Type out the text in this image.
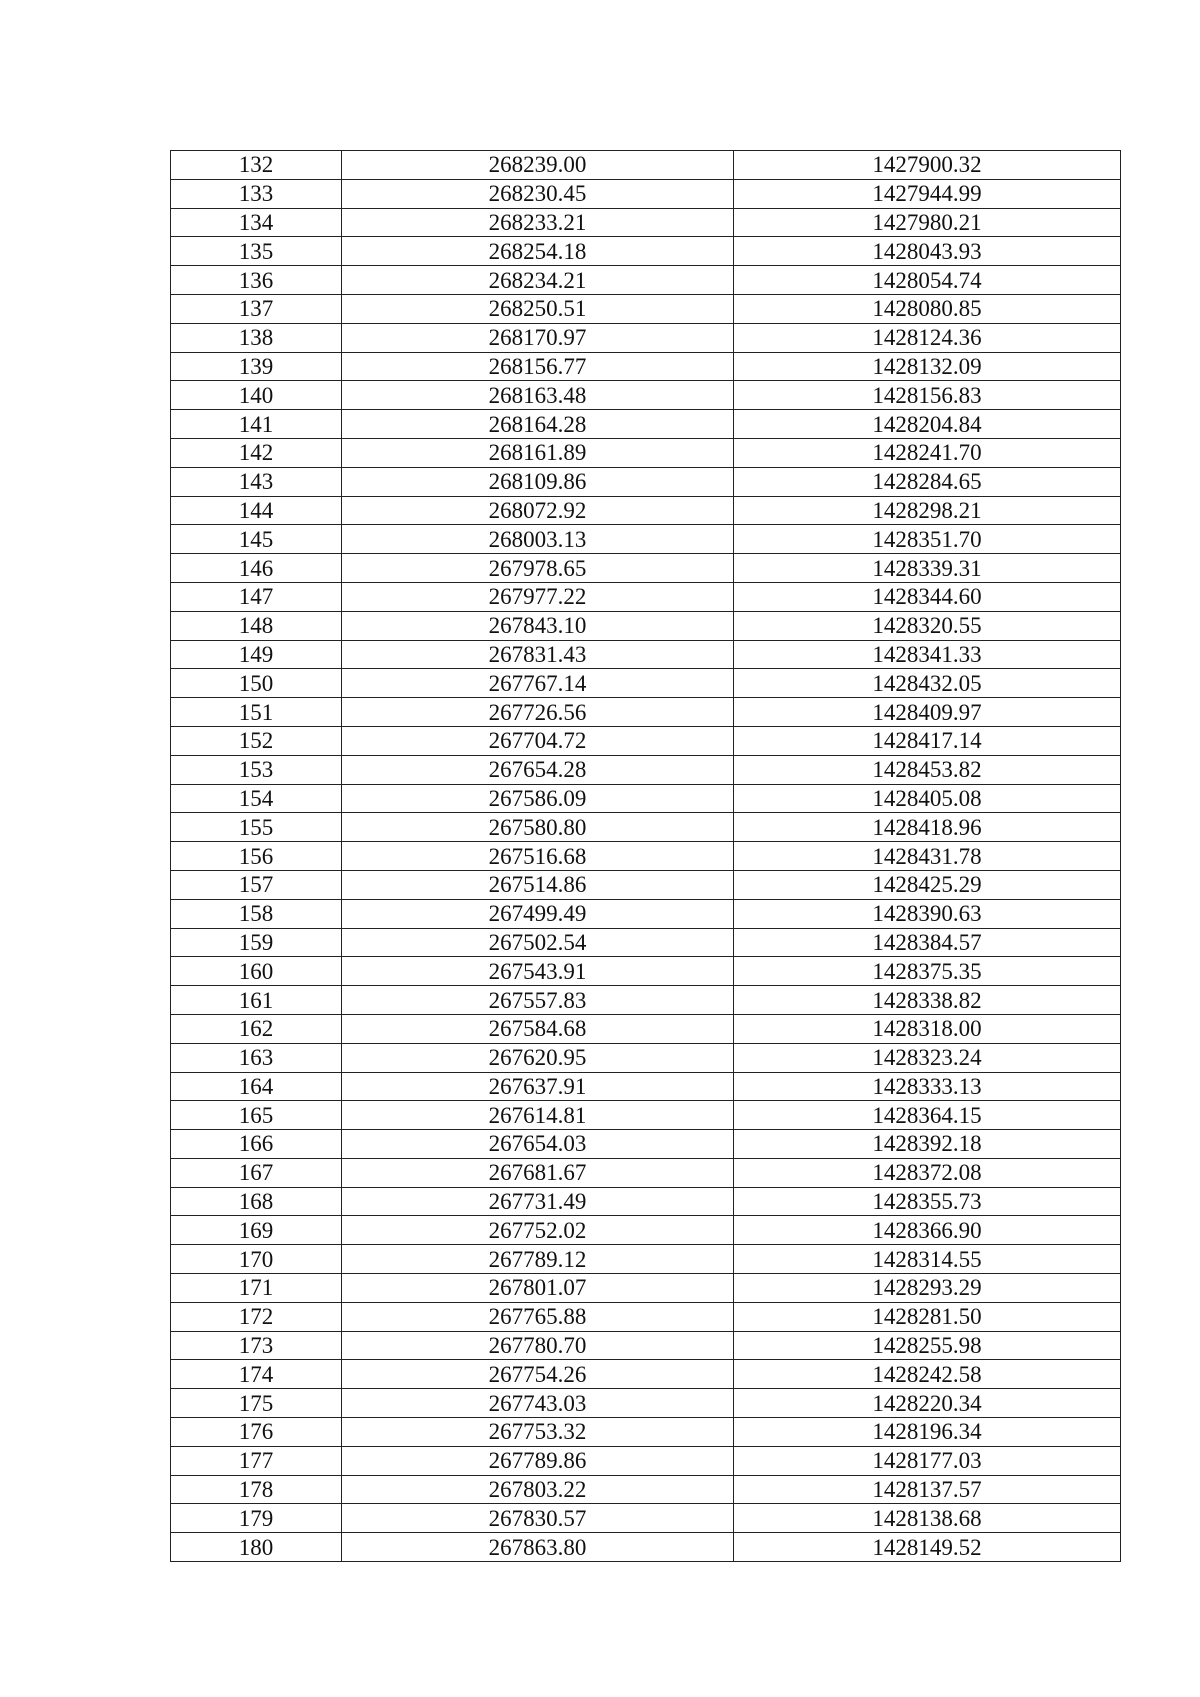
132	268239.00	1427900.32
133	268230.45	1427944.99
134	268233.21	1427980.21
135	268254.18	1428043.93
136	268234.21	1428054.74
137	268250.51	1428080.85
138	268170.97	1428124.36
139	268156.77	1428132.09
140	268163.48	1428156.83
141	268164.28	1428204.84
142	268161.89	1428241.70
143	268109.86	1428284.65
144	268072.92	1428298.21
145	268003.13	1428351.70
146	267978.65	1428339.31
147	267977.22	1428344.60
148	267843.10	1428320.55
149	267831.43	1428341.33
150	267767.14	1428432.05
151	267726.56	1428409.97
152	267704.72	1428417.14
153	267654.28	1428453.82
154	267586.09	1428405.08
155	267580.80	1428418.96
156	267516.68	1428431.78
157	267514.86	1428425.29
158	267499.49	1428390.63
159	267502.54	1428384.57
160	267543.91	1428375.35
161	267557.83	1428338.82
162	267584.68	1428318.00
163	267620.95	1428323.24
164	267637.91	1428333.13
165	267614.81	1428364.15
166	267654.03	1428392.18
167	267681.67	1428372.08
168	267731.49	1428355.73
169	267752.02	1428366.90
170	267789.12	1428314.55
171	267801.07	1428293.29
172	267765.88	1428281.50
173	267780.70	1428255.98
174	267754.26	1428242.58
175	267743.03	1428220.34
176	267753.32	1428196.34
177	267789.86	1428177.03
178	267803.22	1428137.57
179	267830.57	1428138.68
180	267863.80	1428149.52
